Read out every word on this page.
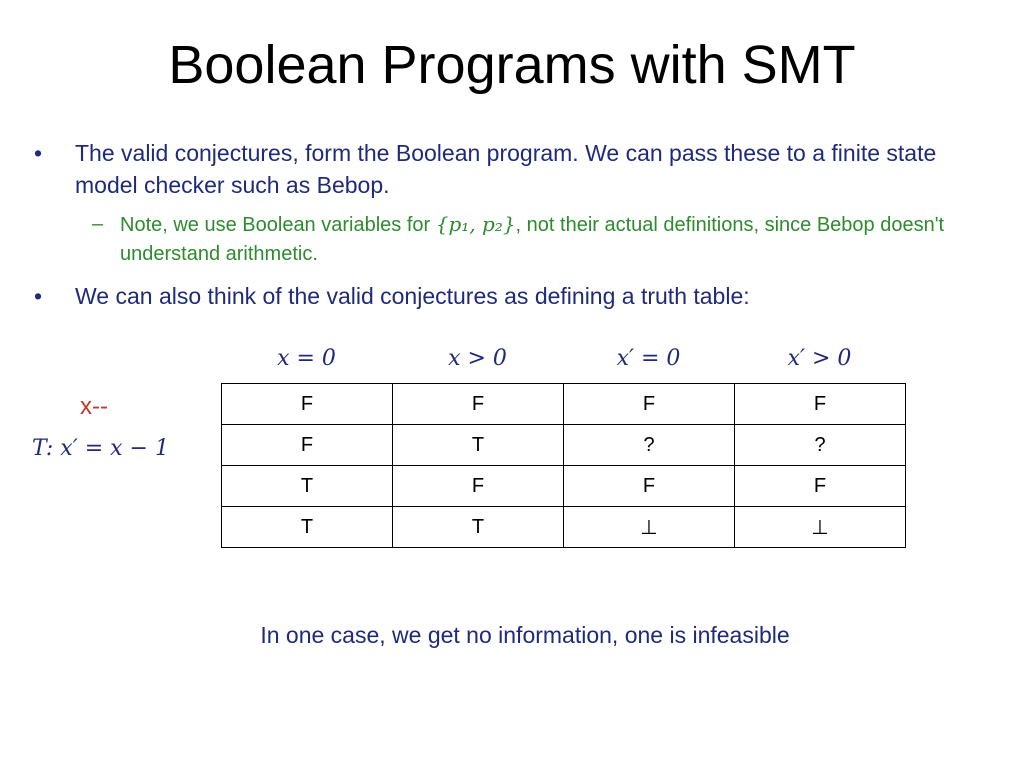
Boolean Programs with SMT
• The valid conjectures, form the Boolean program. We can pass these to a finite state model checker such as Bebop.
– Note, we use Boolean variables for {p₁, p₂}, not their actual definitions, since Bebop doesn't understand arithmetic.
• We can also think of the valid conjectures as defining a truth table:
x--
T: x′ = x − 1
x = 0	x > 0	x′ = 0	x′ > 0
F	F	F	F
F	T	?	?
T	F	F	F
T	T	⊥	⊥
In one case, we get no information, one is infeasible
